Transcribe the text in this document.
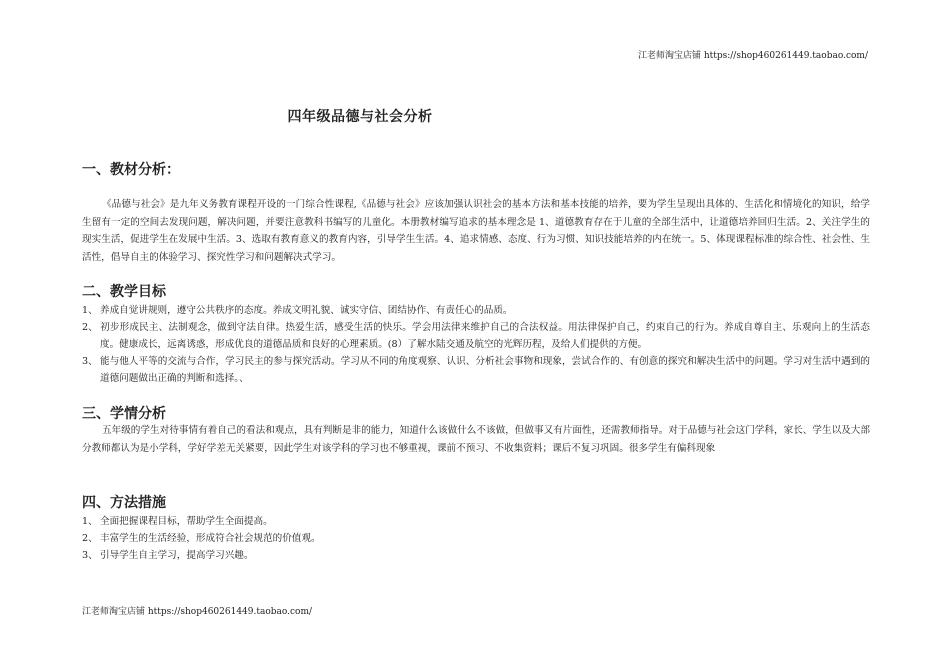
江老师淘宝店铺 https://shop460261449.taobao.com/
四年级品德与社会分析
一、教材分析：

《品德与社会》是九年义务教育课程开设的一门综合性课程,《品德与社会》应该加强认识社会的基本方法和基本技能的培养，要为学生呈现出具体的、生活化和情境化的知识，给学生留有一定的空间去发现问题，解决问题，并要注意教科书编写的儿童化。本册教材编写追求的基本理念是 1、道德教育存在于儿童的全部生活中，让道德培养回归生活。2、关注学生的现实生活，促进学生在发展中生活。3、选取有教育意义的教育内容，引导学生生活。4、追求情感、态度、行为习惯、知识技能培养的内在统一。5、体现课程标准的综合性、社会性、生活性，倡导自主的体验学习、探究性学习和问题解决式学习。

二、教学目标

1、 养成自觉讲规则，遵守公共秩序的态度。养成文明礼貌、诚实守信、团结协作、有责任心的品质。

2、 初步形成民主、法制观念，做到守法自律。热爱生活，感受生活的快乐。学会用法律来维护自己的合法权益。用法律保护自己，约束自己的行为。养成自尊自主、乐观向上的生活态度。健康成长，远离诱惑，形成优良的道德品质和良好的心理素质。(8）了解水陆交通及航空的光辉历程，及给人们提供的方便。

3、 能与他人平等的交流与合作，学习民主的参与探究活动。学习从不同的角度观察、认识、分析社会事物和现象，尝试合作的、有创意的探究和解决生活中的问题。学习对生活中遇到的道德问题做出正确的判断和选择。、

三、学情分析

五年级的学生对待事情有着自己的看法和观点，具有判断是非的能力，知道什么该做什么不该做，但做事又有片面性，还需教师指导。对于品德与社会这门学科，家长、学生以及大部分教师都认为是小学科，学好学差无关紧要，因此学生对该学科的学习也不够重视，课前不预习、不收集资料；课后不复习巩固。很多学生有偏科现象

四、方法措施

1、 全面把握课程目标，帮助学生全面提高。

2、 丰富学生的生活经验，形成符合社会规范的价值观。

3、 引导学生自主学习，提高学习兴趣。

江老师淘宝店铺 https://shop460261449.taobao.com/
